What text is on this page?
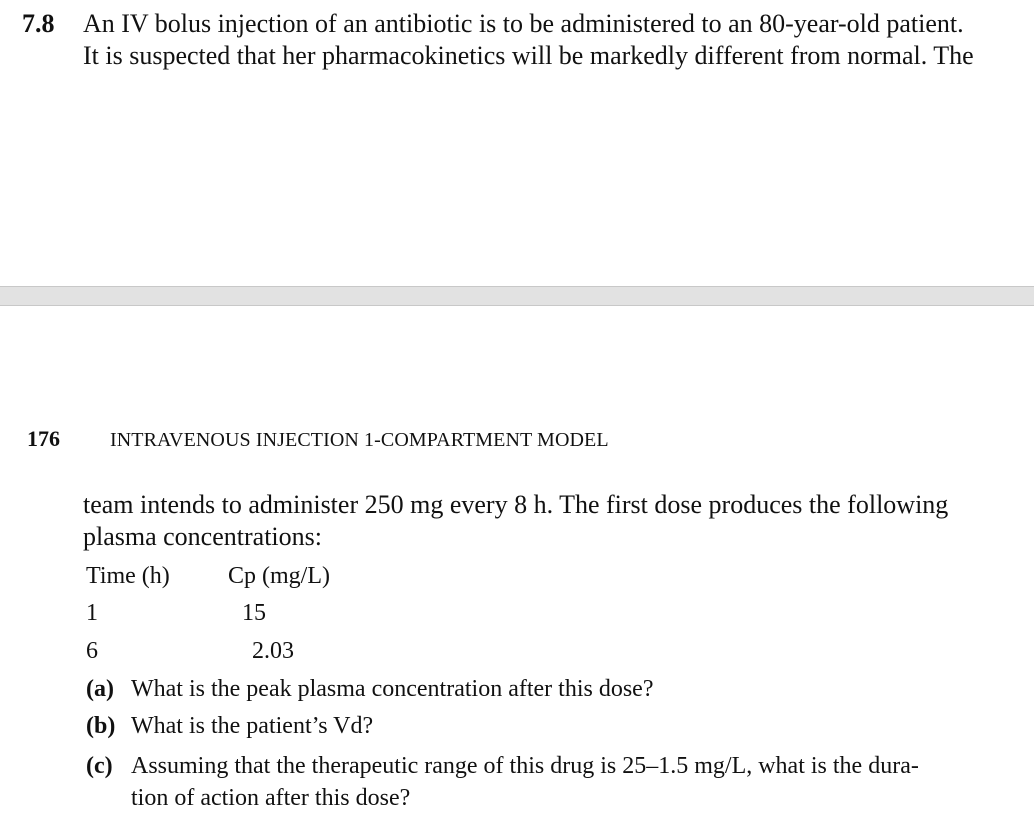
7.8 An IV bolus injection of an antibiotic is to be administered to an 80-year-old patient.
It is suspected that her pharmacokinetics will be markedly different from normal. The
176	INTRAVENOUS INJECTION 1-COMPARTMENT MODEL
team intends to administer 250 mg every 8 h. The first dose produces the following
plasma concentrations:
Time (h) Cp (mg/L)
1	15
6	2.03
(a) What is the peak plasma concentration after this dose?
(b) What is the patient’s Vd?
(c) Assuming that the therapeutic range of this drug is 25–1.5 mg/L, what is the dura-
tion of action after this dose?
